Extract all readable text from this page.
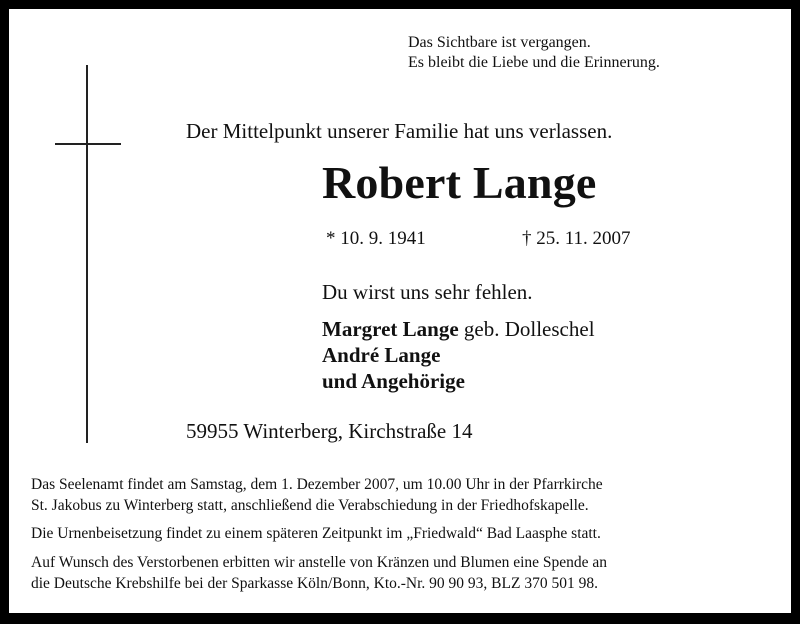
Das Sichtbare ist vergangen.
Es bleibt die Liebe und die Erinnerung.
Der Mittelpunkt unserer Familie hat uns verlassen.
Robert Lange
* 10. 9. 1941	† 25. 11. 2007
Du wirst uns sehr fehlen.
Margret Lange geb. Dolleschel
André Lange
und Angehörige
59955 Winterberg, Kirchstraße 14
Das Seelenamt findet am Samstag, dem 1. Dezember 2007, um 10.00 Uhr in der Pfarrkirche
St. Jakobus zu Winterberg statt, anschließend die Verabschiedung in der Friedhofskapelle.
Die Urnenbeisetzung findet zu einem späteren Zeitpunkt im „Friedwald“ Bad Laasphe statt.
Auf Wunsch des Verstorbenen erbitten wir anstelle von Kränzen und Blumen eine Spende an
die Deutsche Krebshilfe bei der Sparkasse Köln/Bonn, Kto.-Nr. 90 90 93, BLZ 370 501 98.
